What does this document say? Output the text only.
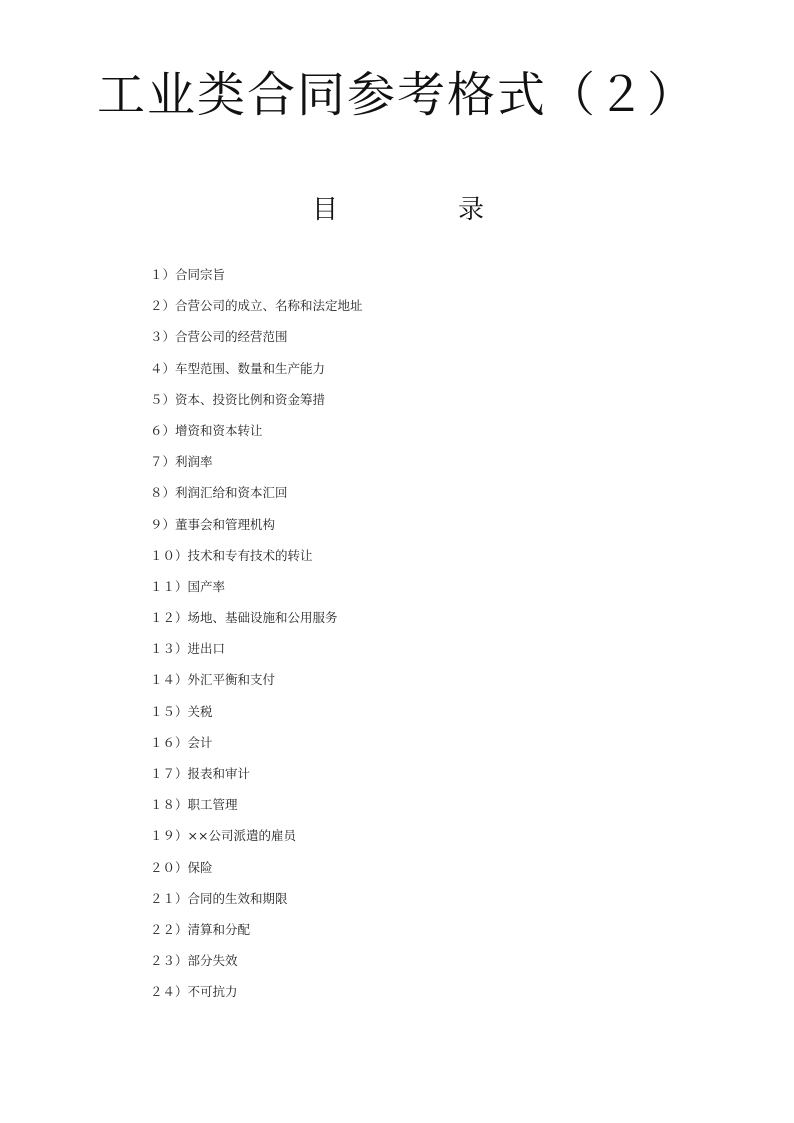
工业类合同参考格式（２）
目	录
１）合同宗旨
２）合营公司的成立、名称和法定地址
３）合营公司的经营范围
４）车型范围、数量和生产能力
５）资本、投资比例和资金筹措
６）增资和资本转让
７）利润率
８）利润汇给和资本汇回
９）董事会和管理机构
１０）技术和专有技术的转让
１１）国产率
１２）场地、基础设施和公用服务
１３）进出口
１４）外汇平衡和支付
１５）关税
１６）会计
１７）报表和审计
１８）职工管理
１９）××公司派遣的雇员
２０）保险
２１）合同的生效和期限
２２）清算和分配
２３）部分失效
２４）不可抗力
